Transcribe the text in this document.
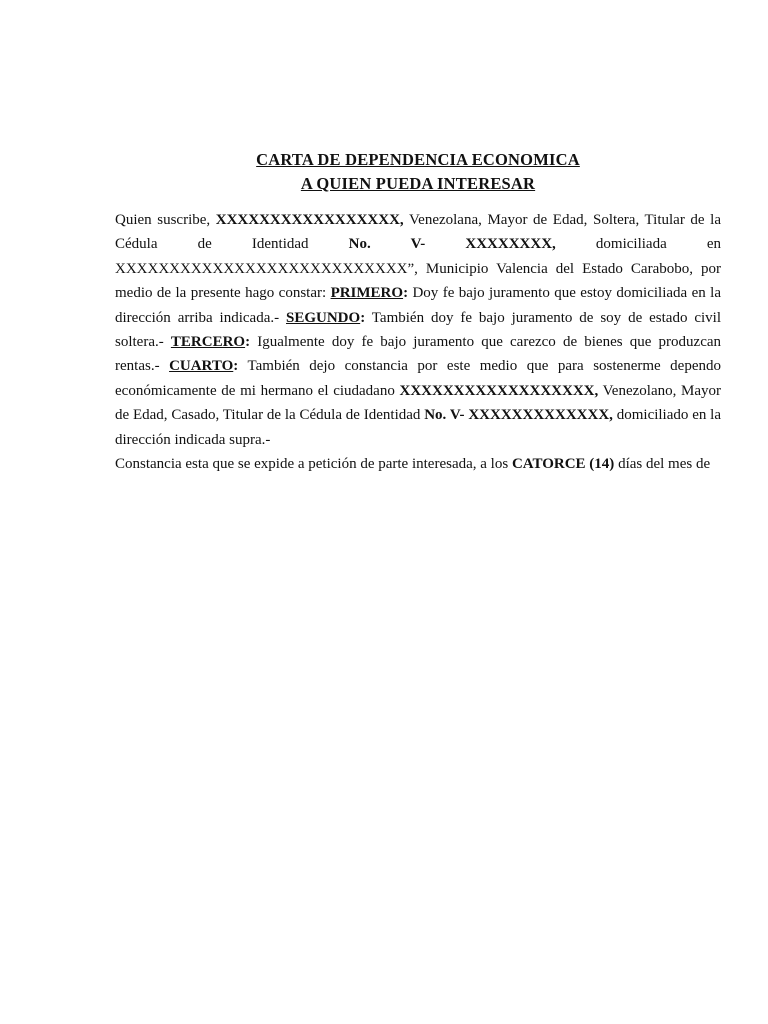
CARTA DE DEPENDENCIA ECONOMICA

A QUIEN PUEDA INTERESAR

Quien suscribe, XXXXXXXXXXXXXXXXX, Venezolana, Mayor de Edad, Soltera, Titular de la Cédula de Identidad No. V- XXXXXXXX, domiciliada en XXXXXXXXXXXXXXXXXXXXXXXXXXX”, Municipio Valencia del Estado Carabobo, por medio de la presente hago constar: PRIMERO: Doy fe bajo juramento que estoy domiciliada en la dirección arriba indicada.- SEGUNDO: También doy fe bajo juramento de soy de estado civil soltera.- TERCERO: Igualmente doy fe bajo juramento que carezco de bienes que produzcan rentas.- CUARTO: También dejo constancia por este medio que para sostenerme dependo económicamente de mi hermano el ciudadano XXXXXXXXXXXXXXXXXX, Venezolano, Mayor de Edad, Casado, Titular de la Cédula de Identidad No. V- XXXXXXXXXXXXX, domiciliado en la dirección indicada supra.-

Constancia esta que se expide a petición de parte interesada, a los CATORCE (14) días del mes de
